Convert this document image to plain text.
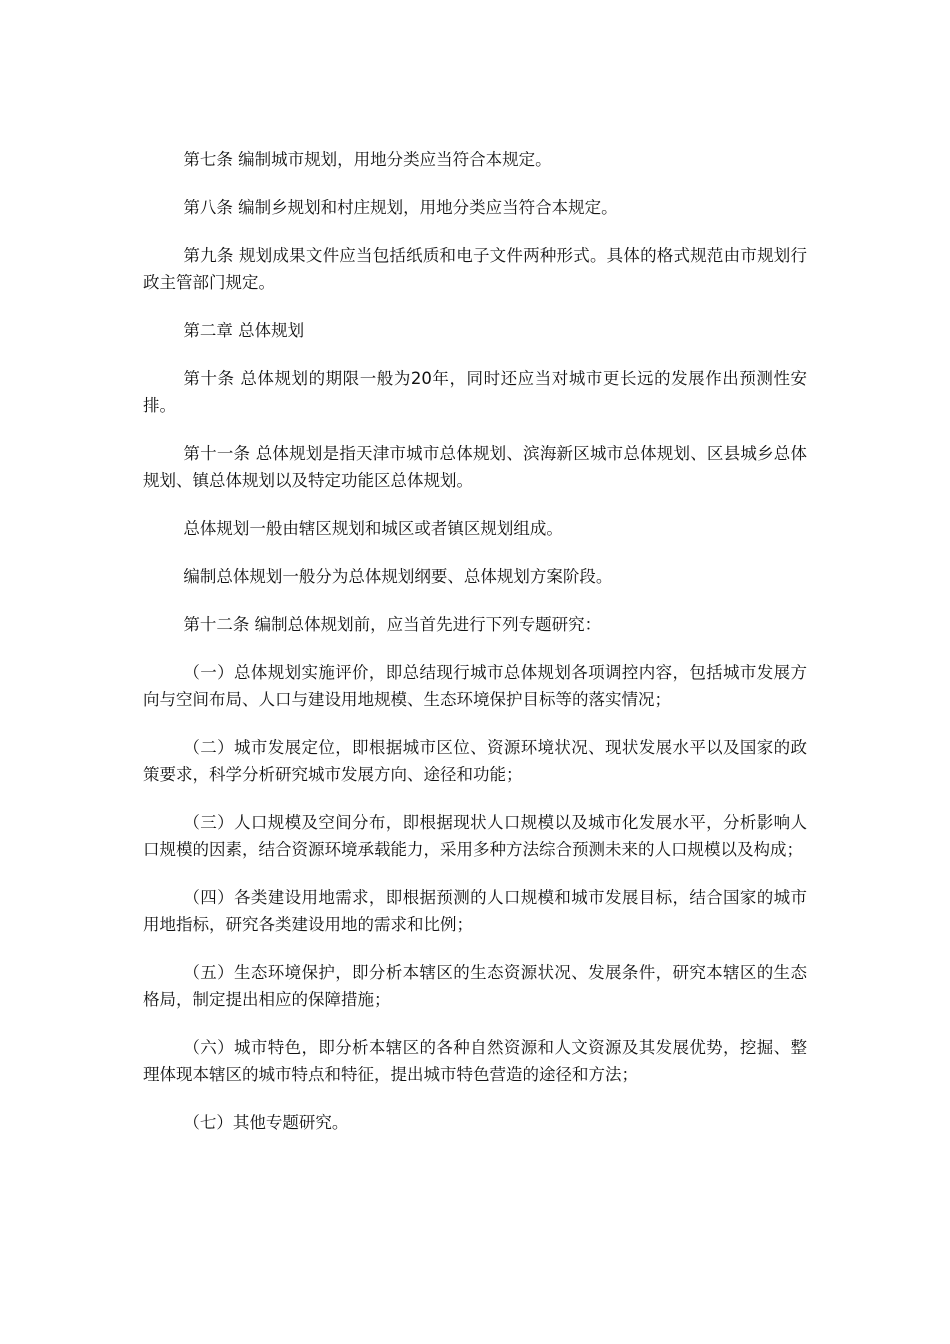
第七条 编制城市规划，用地分类应当符合本规定。

第八条 编制乡规划和村庄规划，用地分类应当符合本规定。

第九条 规划成果文件应当包括纸质和电子文件两种形式。具体的格式规范由市规划行政主管部门规定。

第二章 总体规划

第十条 总体规划的期限一般为20年，同时还应当对城市更长远的发展作出预测性安排。

第十一条 总体规划是指天津市城市总体规划、滨海新区城市总体规划、区县城乡总体规划、镇总体规划以及特定功能区总体规划。

总体规划一般由辖区规划和城区或者镇区规划组成。

编制总体规划一般分为总体规划纲要、总体规划方案阶段。

第十二条 编制总体规划前，应当首先进行下列专题研究：

（一）总体规划实施评价，即总结现行城市总体规划各项调控内容，包括城市发展方向与空间布局、人口与建设用地规模、生态环境保护目标等的落实情况；

（二）城市发展定位，即根据城市区位、资源环境状况、现状发展水平以及国家的政策要求，科学分析研究城市发展方向、途径和功能；

（三）人口规模及空间分布，即根据现状人口规模以及城市化发展水平，分析影响人口规模的因素，结合资源环境承载能力，采用多种方法综合预测未来的人口规模以及构成；

（四）各类建设用地需求，即根据预测的人口规模和城市发展目标，结合国家的城市用地指标，研究各类建设用地的需求和比例；

（五）生态环境保护，即分析本辖区的生态资源状况、发展条件，研究本辖区的生态格局，制定提出相应的保障措施；

（六）城市特色，即分析本辖区的各种自然资源和人文资源及其发展优势，挖掘、整理体现本辖区的城市特点和特征，提出城市特色营造的途径和方法；

（七）其他专题研究。
